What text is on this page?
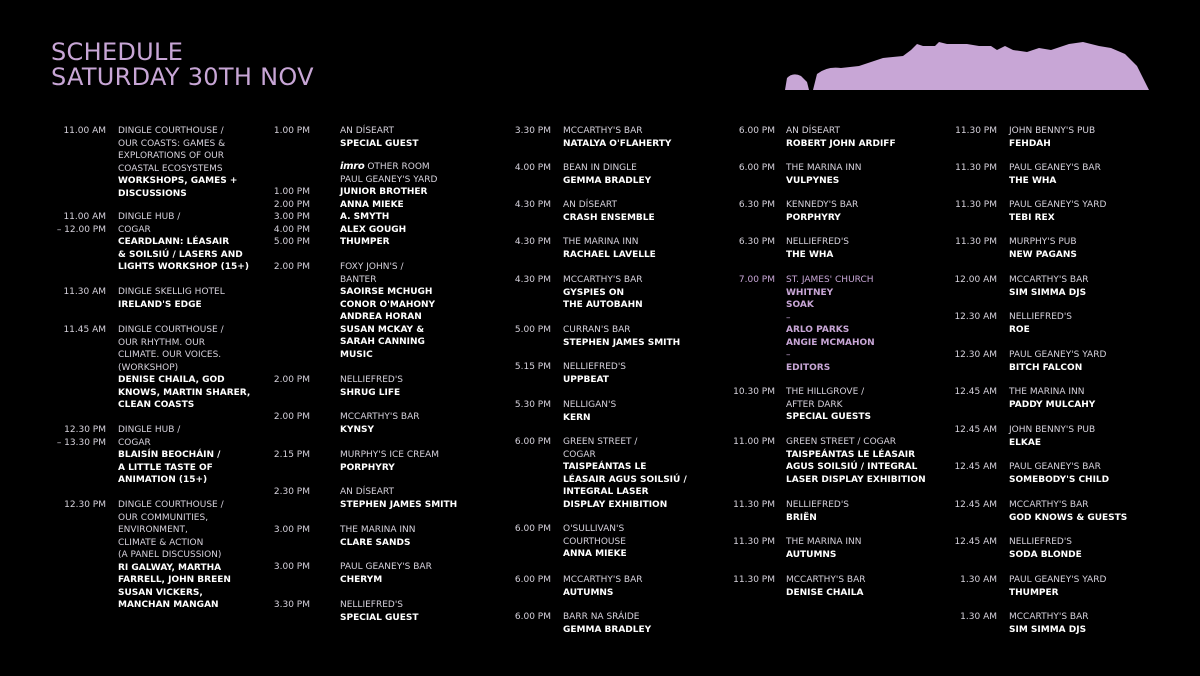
SCHEDULE
SATURDAY 30TH NOV
11.00 AM DINGLE COURTHOUSE /
OUR COASTS: GAMES &
EXPLORATIONS OF OUR
COASTAL ECOSYSTEMS
WORKSHOPS, GAMES +
DISCUSSIONS
11.00 AM
– 12.00 PM
DINGLE HUB /
COGAR
CEARDLANN: LÉASAIR
& SOILSIÚ / LASERS AND
LIGHTS WORKSHOP (15+)
11.30 AM DINGLE SKELLIG HOTEL
IRELAND'S EDGE
11.45 AM DINGLE COURTHOUSE /
OUR RHYTHM. OUR
CLIMATE. OUR VOICES.
(WORKSHOP)
DENISE CHAILA, GOD
KNOWS, MARTIN SHARER,
CLEAN COASTS
12.30 PM
– 13.30 PM
DINGLE HUB /
COGAR
BLAISÍN BEOCHÁIN /
A LITTLE TASTE OF
ANIMATION (15+)
12.30 PM DINGLE COURTHOUSE /
OUR COMMUNITIES,
ENVIRONMENT,
CLIMATE & ACTION
(A PANEL DISCUSSION)
RI GALWAY, MARTHA
FARRELL, JOHN BREEN
SUSAN VICKERS,
MANCHAN MANGAN
1.00 PM	AN DÍSEART
SPECIAL GUEST
imro OTHER ROOM
PAUL GEANEY'S YARD
1.00 PM	JUNIOR BROTHER
2.00 PM	ANNA MIEKE
3.00 PM	A. SMYTH
4.00 PM	ALEX GOUGH
5.00 PM	THUMPER
2.00 PM	FOXY JOHN'S /
BANTER
SAOIRSE MCHUGH
CONOR O'MAHONY
ANDREA HORAN
SUSAN MCKAY &
SARAH CANNING
MUSIC
2.00 PM	NELLIEFRED'S
SHRUG LIFE
2.00 PM	MCCARTHY'S BAR
KYNSY
2.15 PM	MURPHY'S ICE CREAM
PORPHYRY
2.30 PM	AN DÍSEART
STEPHEN JAMES SMITH
3.00 PM	THE MARINA INN
CLARE SANDS
3.00 PM	PAUL GEANEY'S BAR
CHERYM
3.30 PM	NELLIEFRED'S
SPECIAL GUEST
3.30 PM MCCARTHY'S BAR
NATALYA O'FLAHERTY
4.00 PM BEAN IN DINGLE
GEMMA BRADLEY
4.30 PM AN DÍSEART
CRASH ENSEMBLE
4.30 PM THE MARINA INN
RACHAEL LAVELLE
4.30 PM MCCARTHY'S BAR
GYSPIES ON
THE AUTOBAHN
5.00 PM CURRAN'S BAR
STEPHEN JAMES SMITH
5.15 PM NELLIEFRED'S
UPPBEAT
5.30 PM NELLIGAN'S
KERN
6.00 PM GREEN STREET /
COGAR
TAISPEÁNTAS LE
LÉASAIR AGUS SOILSIÚ /
INTEGRAL LASER
DISPLAY EXHIBITION
6.00 PM O'SULLIVAN'S
COURTHOUSE
ANNA MIEKE
6.00 PM MCCARTHY'S BAR
AUTUMNS
6.00 PM BARR NA SRÁIDE
GEMMA BRADLEY
6.00 PM AN DÍSEART
ROBERT JOHN ARDIFF
6.00 PM THE MARINA INN
VULPYNES
6.30 PM KENNEDY'S BAR
PORPHYRY
6.30 PM NELLIEFRED'S
THE WHA
7.00 PM ST. JAMES' CHURCH
WHITNEY
SOAK
–
ARLO PARKS
ANGIE MCMAHON
–
EDITORS
10.30 PM THE HILLGROVE /
AFTER DARK
SPECIAL GUESTS
11.00 PM GREEN STREET / COGAR
TAISPEÁNTAS LE LÉASAIR
AGUS SOILSIÚ / INTEGRAL
LASER DISPLAY EXHIBITION
11.30 PM NELLIEFRED'S
BRIËN
11.30 PM THE MARINA INN
AUTUMNS
11.30 PM MCCARTHY'S BAR
DENISE CHAILA
11.30 PM JOHN BENNY'S PUB
FEHDAH
11.30 PM PAUL GEANEY'S BAR
THE WHA
11.30 PM PAUL GEANEY'S YARD
TEBI REX
11.30 PM MURPHY'S PUB
NEW PAGANS
12.00 AM MCCARTHY'S BAR
SIM SIMMA DJS
12.30 AM NELLIEFRED'S
ROE
12.30 AM PAUL GEANEY'S YARD
BITCH FALCON
12.45 AM THE MARINA INN
PADDY MULCAHY
12.45 AM JOHN BENNY'S PUB
ELKAE
12.45 AM PAUL GEANEY'S BAR
SOMEBODY'S CHILD
12.45 AM MCCARTHY'S BAR
GOD KNOWS & GUESTS
12.45 AM NELLIEFRED'S
SODA BLONDE
1.30 AM PAUL GEANEY'S YARD
THUMPER
1.30 AM MCCARTHY'S BAR
SIM SIMMA DJS
